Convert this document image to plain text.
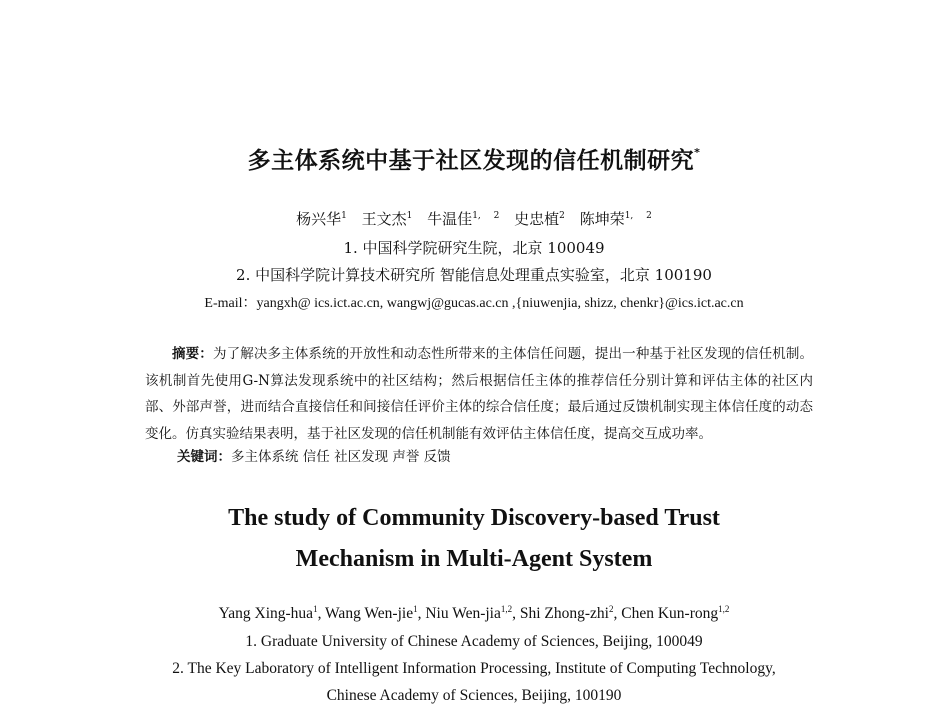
多主体系统中基于社区发现的信任机制研究*
杨兴华$^1$ 王文杰$^1$ 牛温佳$^{1, 2}$ 史忠植$^2$ 陈坤荣$^{1, 2}$
1. 中国科学院研究生院，北京 100049
2. 中国科学院计算技术研究所 智能信息处理重点实验室，北京 100190
E-mail：yangxh@ ics.ict.ac.cn, wangwj@gucas.ac.cn ,{niuwenjia, shizz, chenkr}@ics.ict.ac.cn
摘要：为了解决多主体系统的开放性和动态性所带来的主体信任问题，提出一种基于社区发现的信任机制。该机制首先使用G-N算法发现系统中的社区结构；然后根据信任主体的推荐信任分别计算和评估主体的社区内部、外部声誉，进而结合直接信任和间接信任评价主体的综合信任度；最后通过反馈机制实现主体信任度的动态变化。仿真实验结果表明，基于社区发现的信任机制能有效评估主体信任度，提高交互成功率。
关键词：多主体系统 信任 社区发现 声誉 反馈
The study of Community Discovery-based Trust
Mechanism in Multi-Agent System
Yang Xing-hua$^1$, Wang Wen-jie$^1$, Niu Wen-jia$^{1,2}$, Shi Zhong-zhi$^2$, Chen Kun-rong$^{1,2}$
1. Graduate University of Chinese Academy of Sciences, Beijing, 100049
2. The Key Laboratory of Intelligent Information Processing, Institute of Computing Technology,
Chinese Academy of Sciences, Beijing, 100190
